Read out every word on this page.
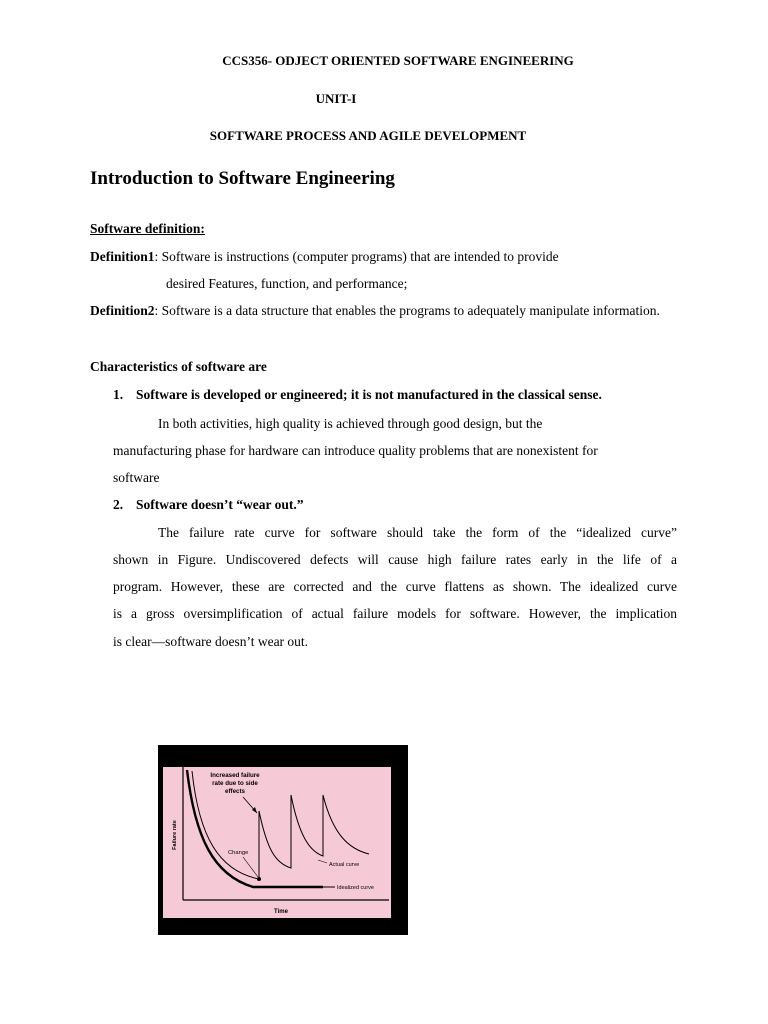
CCS356- ODJECT ORIENTED SOFTWARE ENGINEERING
UNIT-I
SOFTWARE PROCESS AND AGILE DEVELOPMENT
Introduction to Software Engineering
Software definition:
Definition1: Software is instructions (computer programs) that are intended to provide
desired Features, function, and performance;
Definition2: Software is a data structure that enables the programs to adequately manipulate information.
Characteristics of software are
1. Software is developed or engineered; it is not manufactured in the classical sense.
In both activities, high quality is achieved through good design, but the
manufacturing phase for hardware can introduce quality problems that are nonexistent for
software
2. Software doesn’t “wear out.”
The failure rate curve for software should take the form of the “idealized curve”
shown in Figure. Undiscovered defects will cause high failure rates early in the life of a
program. However, these are corrected and the curve flattens as shown. The idealized curve
is a gross oversimplification of actual failure models for software. However, the implication
is clear—software doesn’t wear out.
Increased failure
rate due to side
effects
Change
Actual curve
Idealized curve
Time
Failure rate
